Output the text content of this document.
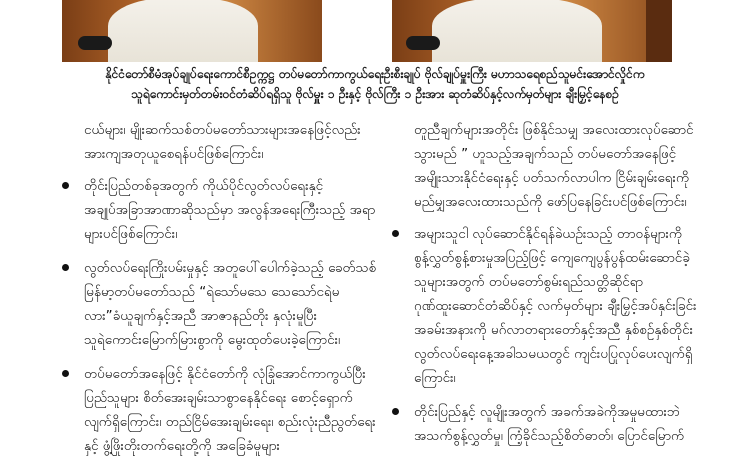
နိုင်ငံတော်စီမံအုပ်ချုပ်ရေးကောင်စီဥက္ကဋ္ဌ တပ်မတော်ကာကွယ်ရေးဦးစီးချုပ် ဗိုလ်ချုပ်မှူးကြီး မဟာသရေစည်သူမင်းအောင်လှိုင်က
သူရဲကောင်းမှတ်တမ်းဝင်တံဆိပ်ရရှိသူ ဗိုလ်မှူး ၁ ဦးနှင့် ဗိုလ်ကြီး ၁ ဦးအား ဆုတံဆိပ်နှင့်လက်မှတ်များ ချီးမြှင့်နေစဉ်

ငယ်များ၊ မျိုးဆက်သစ်တပ်မတော်သားများအနေဖြင့်လည်း အားကျအတုယူစေရန်ပင်ဖြစ်ကြောင်း၊

တိုင်းပြည်တစ်ခုအတွက် ကိုယ်ပိုင်လွတ်လပ်ရေးနှင့် အချုပ်အခြာအာဏာဆိုသည်မှာ အလွန်အရေးကြီးသည့် အရာများပင်ဖြစ်ကြောင်း၊
လွတ်လပ်ရေးကြိုးပမ်းမှုနှင့် အတူပေါ်ပေါက်ခဲ့သည့် ခေတ်သစ်မြန်မာ့တပ်မတော်သည် “ရဲသော်မသေ သေသော်ငရဲမလား”ခံယူချက်နှင့်အညီ အာဇာနည်တိုး နှလုံးမူပြီး သူရဲကောင်းမြောက်မြားစွာကို မွေးထုတ်ပေးခဲ့ကြောင်း၊
တပ်မတော်အနေဖြင့် နိုင်ငံတော်ကို လုံခြုံအောင်ကာကွယ်ပြီး ပြည်သူများ စိတ်အေးချမ်းသာစွာနေနိုင်ရေး စောင့်ရှောက်လျက်ရှိကြောင်း၊ တည်ငြိမ်အေးချမ်းရေး၊ စည်းလုံးညီညွတ်ရေးနှင့် ဖွံ့ဖြိုးတိုးတက်ရေးတို့ကို အခြေခံမူများ

တူညီချက်များအတိုင်း ဖြစ်နိုင်သမျှ အလေးထားလုပ်ဆောင်သွားမည် ” ဟူသည့်အချက်သည် တပ်မတော်အနေဖြင့် အမျိုးသားနိုင်ငံရေးနှင့် ပတ်သက်လာပါက ငြိမ်းချမ်းရေးကို မည်မျှအလေးထားသည်ကို ဖော်ပြနေခြင်းပင်ဖြစ်ကြောင်း၊

အများသူငါ လုပ်ဆောင်နိုင်ရန်ခဲယဉ်းသည့် တာဝန်များကို စွန့်လွှတ်စွန့်စားမှုအပြည့်ဖြင့် ကျေကျေပွန်ပွန်ထမ်းဆောင်ခဲ့သူများအတွက် တပ်မတော်စွမ်းရည်သတ္တိဆိုင်ရာ ဂုဏ်ထူးဆောင်တံဆိပ်နှင့် လက်မှတ်များ ချီးမြှင့်အပ်နှင်းခြင်းအခမ်းအနားကို မဂ်လာတရားတော်နှင့်အညီ နှစ်စဉ်နှစ်တိုင်း လွတ်လပ်ရေးနေ့အခါသမယတွင် ကျင်းပပြုလုပ်ပေးလျက်ရှိကြောင်း၊
တိုင်းပြည်နှင့် လူမျိုးအတွက် အခက်အခဲကိုအမှုမထားဘဲ အသက်စွန့်လွှတ်မှု၊ ကြံ့ခိုင်သည့်စိတ်ဓာတ်၊ ပြောင်မြောက်
